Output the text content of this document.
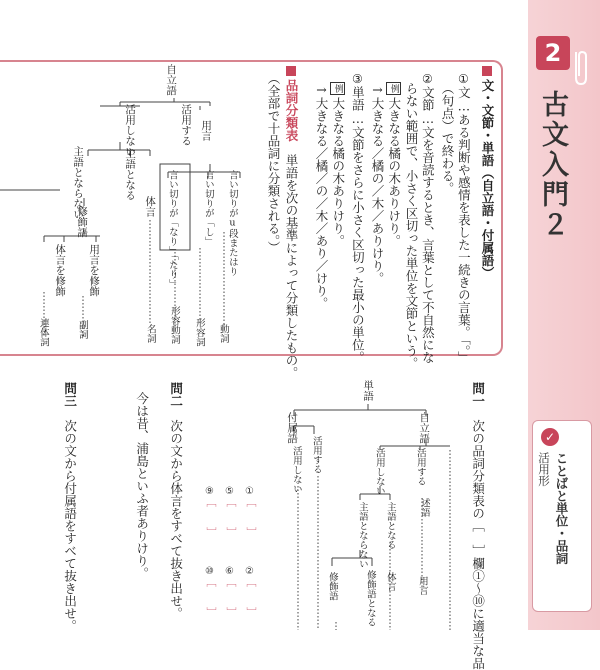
2
古文入門２
✓
ことばと単位・品詞
活用形
文・文節・単語（自立語・付属語）
①文…ある判断や感情を表した一続きの言葉。「。」
（句点）で終わる。
②文節…文を音読するとき、言葉として不自然にな
らない範囲で、小さく区切った単位を文節という。
例大きなる橘の木ありけり。
→大きなる／橘の／木／ありけり。
③単語…文節をさらに小さく区切った最小の単位。
例大きなる橘の木ありけり。
→大きなる／橘／の／木／あり／けり。
品詞分類表　単語を次の基準によって分類したもの。
（全部で十品詞に分類される。）
自立語
活用しない	活用する 用言
主語とならない	主語となる
体言
修飾語
体言を修飾 用言を修飾	言い切りがu段またはり
言い切りが「し」
言い切りが「なり」「たり」
動詞
形容詞
形容動詞
名詞
副詞
連体詞
問一　次の品詞分類表の［　］欄①～⑩に適当な品
単語
自立語
付属語
活用する
活用しない
述語
用言
主語となる
主語とならない
体言
修飾語となる
修飾語
活用する
活用しない
①［　　］
②［　　］
⑤［　　］
⑥［　　］
⑨［　　］
⑩［　　］
問二　次の文から体言をすべて抜き出せ。
今は昔、浦島といふ者ありけり。
問三　次の文から付属語をすべて抜き出せ。
